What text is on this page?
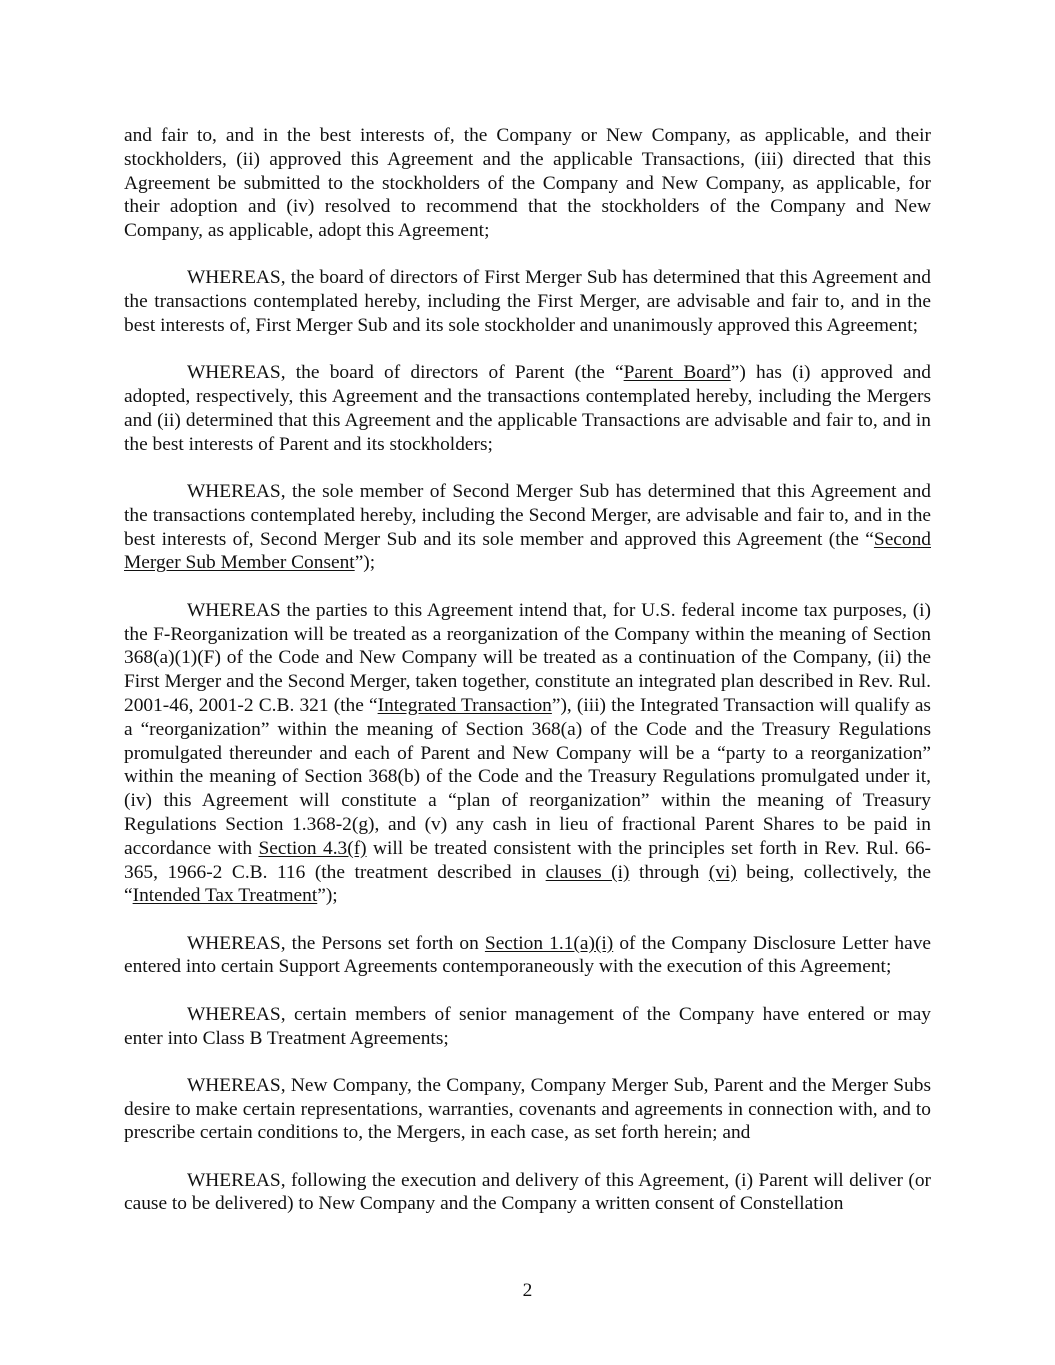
and fair to, and in the best interests of, the Company or New Company, as applicable, and their stockholders, (ii) approved this Agreement and the applicable Transactions, (iii) directed that this Agreement be submitted to the stockholders of the Company and New Company, as applicable, for their adoption and (iv) resolved to recommend that the stockholders of the Company and New Company, as applicable, adopt this Agreement;

WHEREAS, the board of directors of First Merger Sub has determined that this Agreement and the transactions contemplated hereby, including the First Merger, are advisable and fair to, and in the best interests of, First Merger Sub and its sole stockholder and unanimously approved this Agreement;

WHEREAS, the board of directors of Parent (the “Parent Board”) has (i) approved and adopted, respectively, this Agreement and the transactions contemplated hereby, including the Mergers and (ii) determined that this Agreement and the applicable Transactions are advisable and fair to, and in the best interests of Parent and its stockholders;

WHEREAS, the sole member of Second Merger Sub has determined that this Agreement and the transactions contemplated hereby, including the Second Merger, are advisable and fair to, and in the best interests of, Second Merger Sub and its sole member and approved this Agreement (the “Second Merger Sub Member Consent”);

WHEREAS the parties to this Agreement intend that, for U.S. federal income tax purposes, (i) the F-Reorganization will be treated as a reorganization of the Company within the meaning of Section 368(a)(1)(F) of the Code and New Company will be treated as a continuation of the Company, (ii) the First Merger and the Second Merger, taken together, constitute an integrated plan described in Rev. Rul. 2001-46, 2001-2 C.B. 321 (the “Integrated Transaction”), (iii) the Integrated Transaction will qualify as a “reorganization” within the meaning of Section 368(a) of the Code and the Treasury Regulations promulgated thereunder and each of Parent and New Company will be a “party to a reorganization” within the meaning of Section 368(b) of the Code and the Treasury Regulations promulgated under it, (iv) this Agreement will constitute a “plan of reorganization” within the meaning of Treasury Regulations Section 1.368-2(g), and (v) any cash in lieu of fractional Parent Shares to be paid in accordance with Section 4.3(f) will be treated consistent with the principles set forth in Rev. Rul. 66-365, 1966-2 C.B. 116 (the treatment described in clauses (i) through (vi) being, collectively, the “Intended Tax Treatment”);

WHEREAS, the Persons set forth on Section 1.1(a)(i) of the Company Disclosure Letter have entered into certain Support Agreements contemporaneously with the execution of this Agreement;

WHEREAS, certain members of senior management of the Company have entered or may enter into Class B Treatment Agreements;

WHEREAS, New Company, the Company, Company Merger Sub, Parent and the Merger Subs desire to make certain representations, warranties, covenants and agreements in connection with, and to prescribe certain conditions to, the Mergers, in each case, as set forth herein; and

WHEREAS, following the execution and delivery of this Agreement, (i) Parent will deliver (or cause to be delivered) to New Company and the Company a written consent of Constellation

2
